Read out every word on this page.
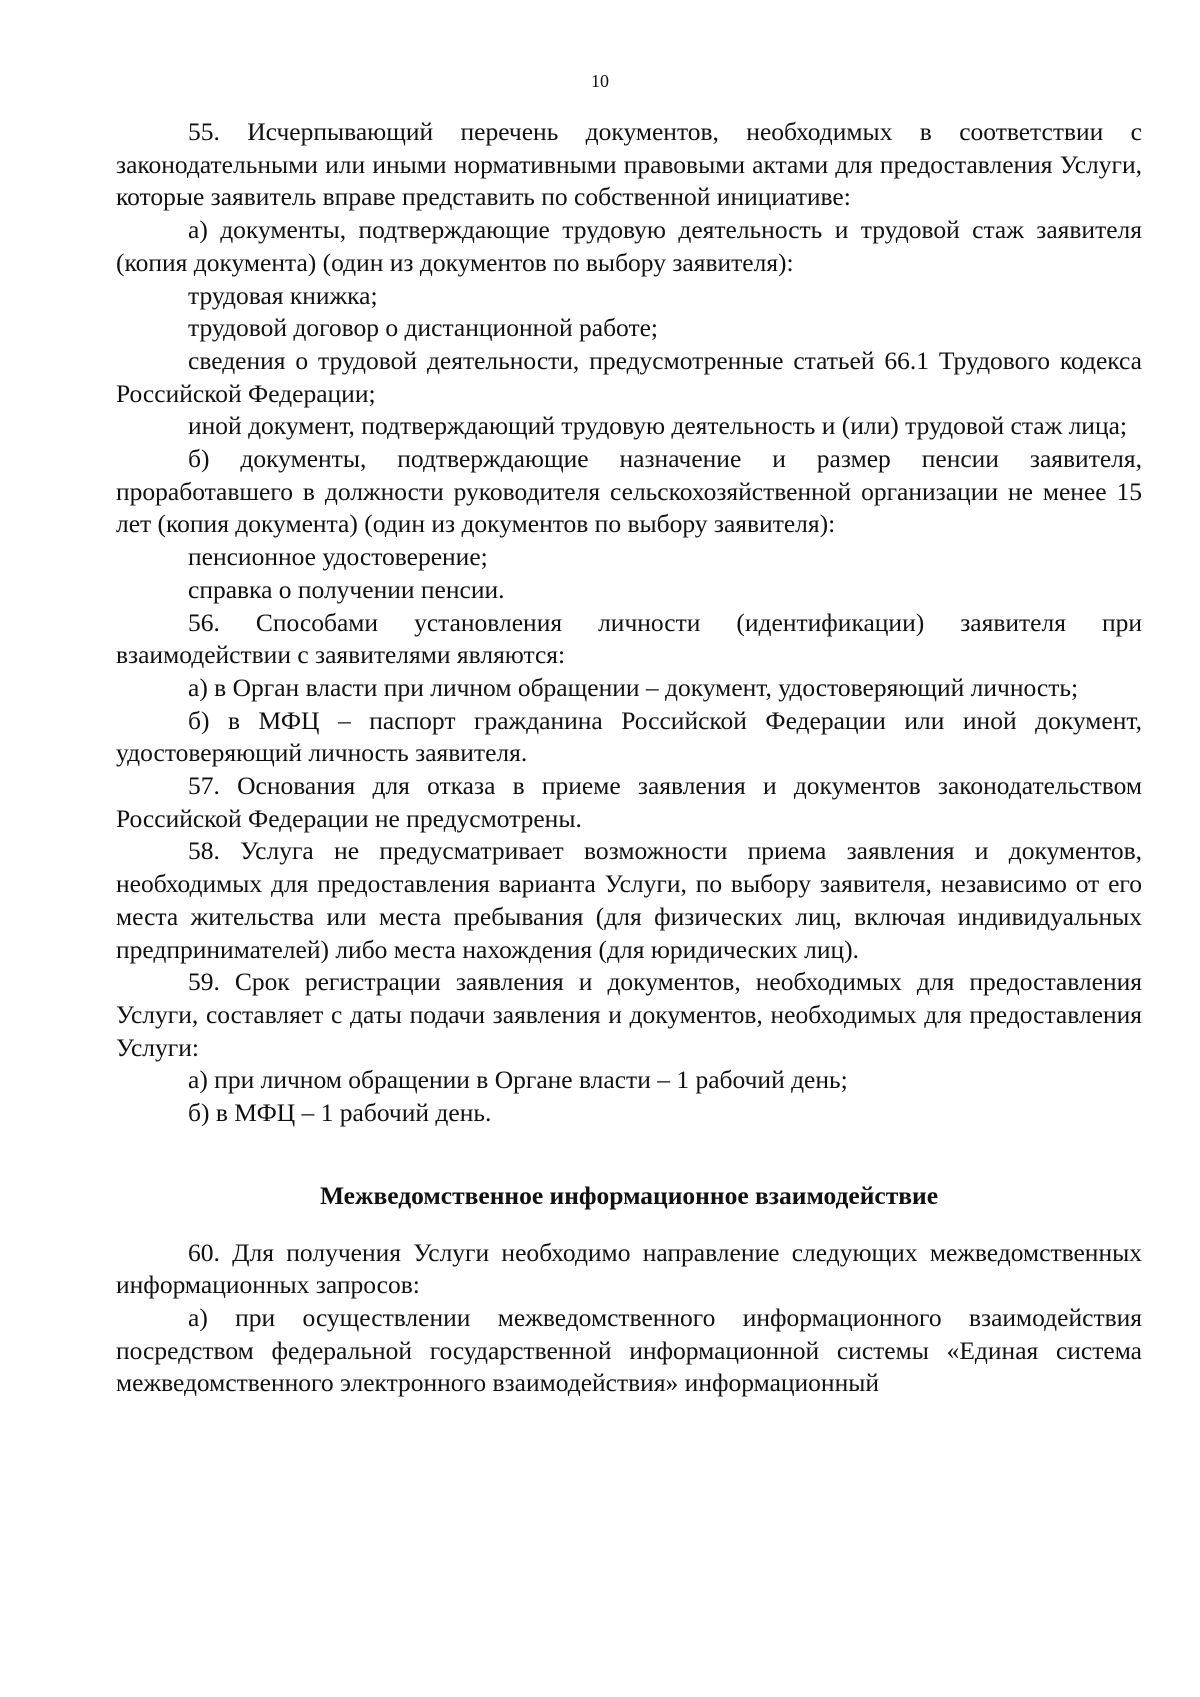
10

55. Исчерпывающий перечень документов, необходимых в соответствии с законодательными или иными нормативными правовыми актами для предоставления Услуги, которые заявитель вправе представить по собственной инициативе:

а) документы, подтверждающие трудовую деятельность и трудовой стаж заявителя (копия документа) (один из документов по выбору заявителя):

трудовая книжка;

трудовой договор о дистанционной работе;

сведения о трудовой деятельности, предусмотренные статьей 66.1 Трудового кодекса Российской Федерации;

иной документ, подтверждающий трудовую деятельность и (или) трудовой стаж лица;

б) документы, подтверждающие назначение и размер пенсии заявителя, проработавшего в должности руководителя сельскохозяйственной организации не менее 15 лет (копия документа) (один из документов по выбору заявителя):

пенсионное удостоверение;

справка о получении пенсии.

56. Способами установления личности (идентификации) заявителя при взаимодействии с заявителями являются:

а) в Орган власти при личном обращении – документ, удостоверяющий личность;

б) в МФЦ – паспорт гражданина Российской Федерации или иной документ, удостоверяющий личность заявителя.

57. Основания для отказа в приеме заявления и документов законодательством Российской Федерации не предусмотрены.

58. Услуга не предусматривает возможности приема заявления и документов, необходимых для предоставления варианта Услуги, по выбору заявителя, независимо от его места жительства или места пребывания (для физических лиц, включая индивидуальных предпринимателей) либо места нахождения (для юридических лиц).

59. Срок регистрации заявления и документов, необходимых для предоставления Услуги, составляет с даты подачи заявления и документов, необходимых для предоставления Услуги:

а) при личном обращении в Органе власти – 1 рабочий день;

б) в МФЦ – 1 рабочий день.

Межведомственное информационное взаимодействие

60. Для получения Услуги необходимо направление следующих межведомственных информационных запросов:

а) при осуществлении межведомственного информационного взаимодействия посредством федеральной государственной информационной системы «Единая система межведомственного электронного взаимодействия» информационный
